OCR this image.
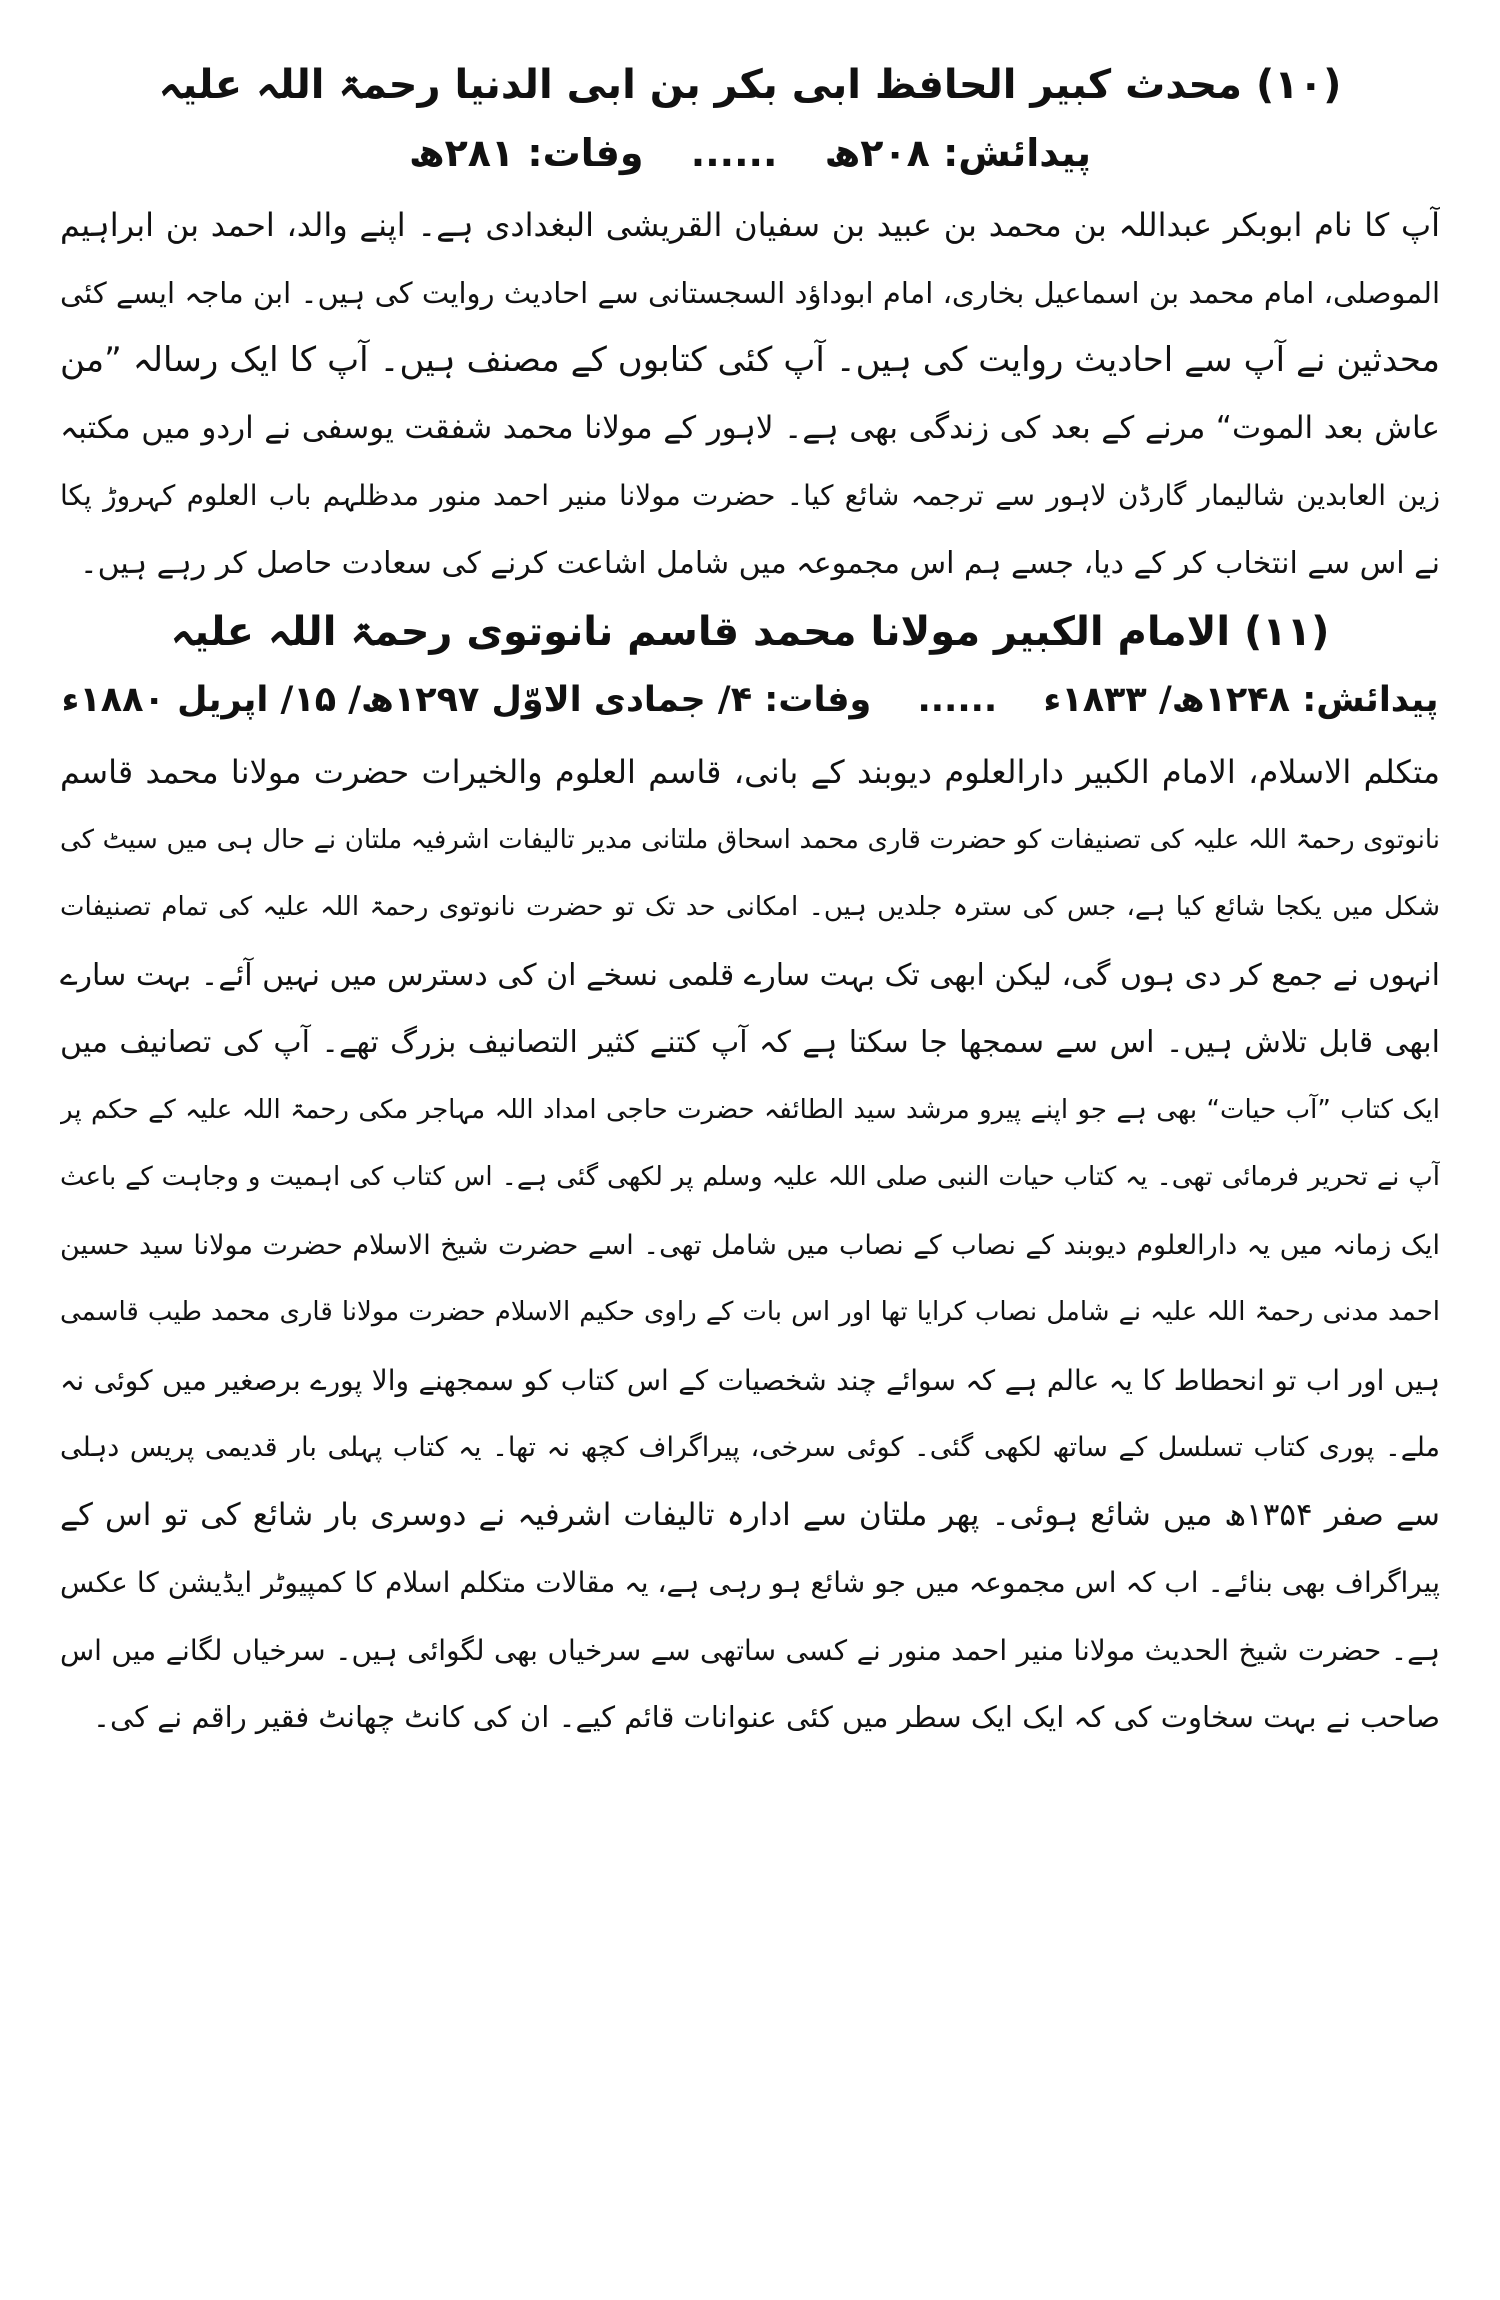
(۱۰) محدث کبیر الحافظ ابی بکر بن ابی الدنیا رحمۃ اللہ علیہ
پیدائش: ۲۰۸ھ ...... وفات: ۲۸۱ھ
آپ کا نام ابوبکر عبداللہ بن محمد بن عبید بن سفیان القریشی البغدادی ہے۔ اپنے والد، احمد بن ابراہیم
الموصلی، امام محمد بن اسماعیل بخاری، امام ابوداؤد السجستانی سے احادیث روایت کی ہیں۔ ابن ماجہ ایسے کئی
محدثین نے آپ سے احادیث روایت کی ہیں۔ آپ کئی کتابوں کے مصنف ہیں۔ آپ کا ایک رسالہ ”من
عاش بعد الموت“ مرنے کے بعد کی زندگی بھی ہے۔ لاہور کے مولانا محمد شفقت یوسفی نے اردو میں مکتبہ
زین العابدین شالیمار گارڈن لاہور سے ترجمہ شائع کیا۔ حضرت مولانا منیر احمد منور مدظلہم باب العلوم کہروڑ پکا
نے اس سے انتخاب کر کے دیا، جسے ہم اس مجموعہ میں شامل اشاعت کرنے کی سعادت حاصل کر رہے ہیں۔
(۱۱) الامام الکبیر مولانا محمد قاسم نانوتوی رحمۃ اللہ علیہ
پیدائش: ۱۲۴۸ھ/ ۱۸۳۳ء ...... وفات: ۴/ جمادی الاوّل ۱۲۹۷ھ/ ۱۵/ اپریل ۱۸۸۰ء
متکلم الاسلام، الامام الکبیر دارالعلوم دیوبند کے بانی، قاسم العلوم والخیرات حضرت مولانا محمد قاسم
نانوتوی رحمۃ اللہ علیہ کی تصنیفات کو حضرت قاری محمد اسحاق ملتانی مدیر تالیفات اشرفیہ ملتان نے حال ہی میں سیٹ کی
شکل میں یکجا شائع کیا ہے، جس کی سترہ جلدیں ہیں۔ امکانی حد تک تو حضرت نانوتوی رحمۃ اللہ علیہ کی تمام تصنیفات
انہوں نے جمع کر دی ہوں گی، لیکن ابھی تک بہت سارے قلمی نسخے ان کی دسترس میں نہیں آئے۔ بہت سارے
ابھی قابل تلاش ہیں۔ اس سے سمجھا جا سکتا ہے کہ آپ کتنے کثیر التصانیف بزرگ تھے۔ آپ کی تصانیف میں
ایک کتاب ”آب حیات“ بھی ہے جو اپنے پیرو مرشد سید الطائفہ حضرت حاجی امداد اللہ مہاجر مکی رحمۃ اللہ علیہ کے حکم پر
آپ نے تحریر فرمائی تھی۔ یہ کتاب حیات النبی صلی اللہ علیہ وسلم پر لکھی گئی ہے۔ اس کتاب کی اہمیت و وجاہت کے باعث
ایک زمانہ میں یہ دارالعلوم دیوبند کے نصاب کے نصاب میں شامل تھی۔ اسے حضرت شیخ الاسلام حضرت مولانا سید حسین
احمد مدنی رحمۃ اللہ علیہ نے شامل نصاب کرایا تھا اور اس بات کے راوی حکیم الاسلام حضرت مولانا قاری محمد طیب قاسمی
ہیں اور اب تو انحطاط کا یہ عالم ہے کہ سوائے چند شخصیات کے اس کتاب کو سمجھنے والا پورے برصغیر میں کوئی نہ
ملے۔ پوری کتاب تسلسل کے ساتھ لکھی گئی۔ کوئی سرخی، پیراگراف کچھ نہ تھا۔ یہ کتاب پہلی بار قدیمی پریس دہلی
سے صفر ۱۳۵۴ھ میں شائع ہوئی۔ پھر ملتان سے ادارہ تالیفات اشرفیہ نے دوسری بار شائع کی تو اس کے
پیراگراف بھی بنائے۔ اب کہ اس مجموعہ میں جو شائع ہو رہی ہے، یہ مقالات متکلم اسلام کا کمپیوٹر ایڈیشن کا عکس
ہے۔ حضرت شیخ الحدیث مولانا منیر احمد منور نے کسی ساتھی سے سرخیاں بھی لگوائی ہیں۔ سرخیاں لگانے میں اس
صاحب نے بہت سخاوت کی کہ ایک ایک سطر میں کئی عنوانات قائم کیے۔ ان کی کانٹ چھانٹ فقیر راقم نے کی۔
